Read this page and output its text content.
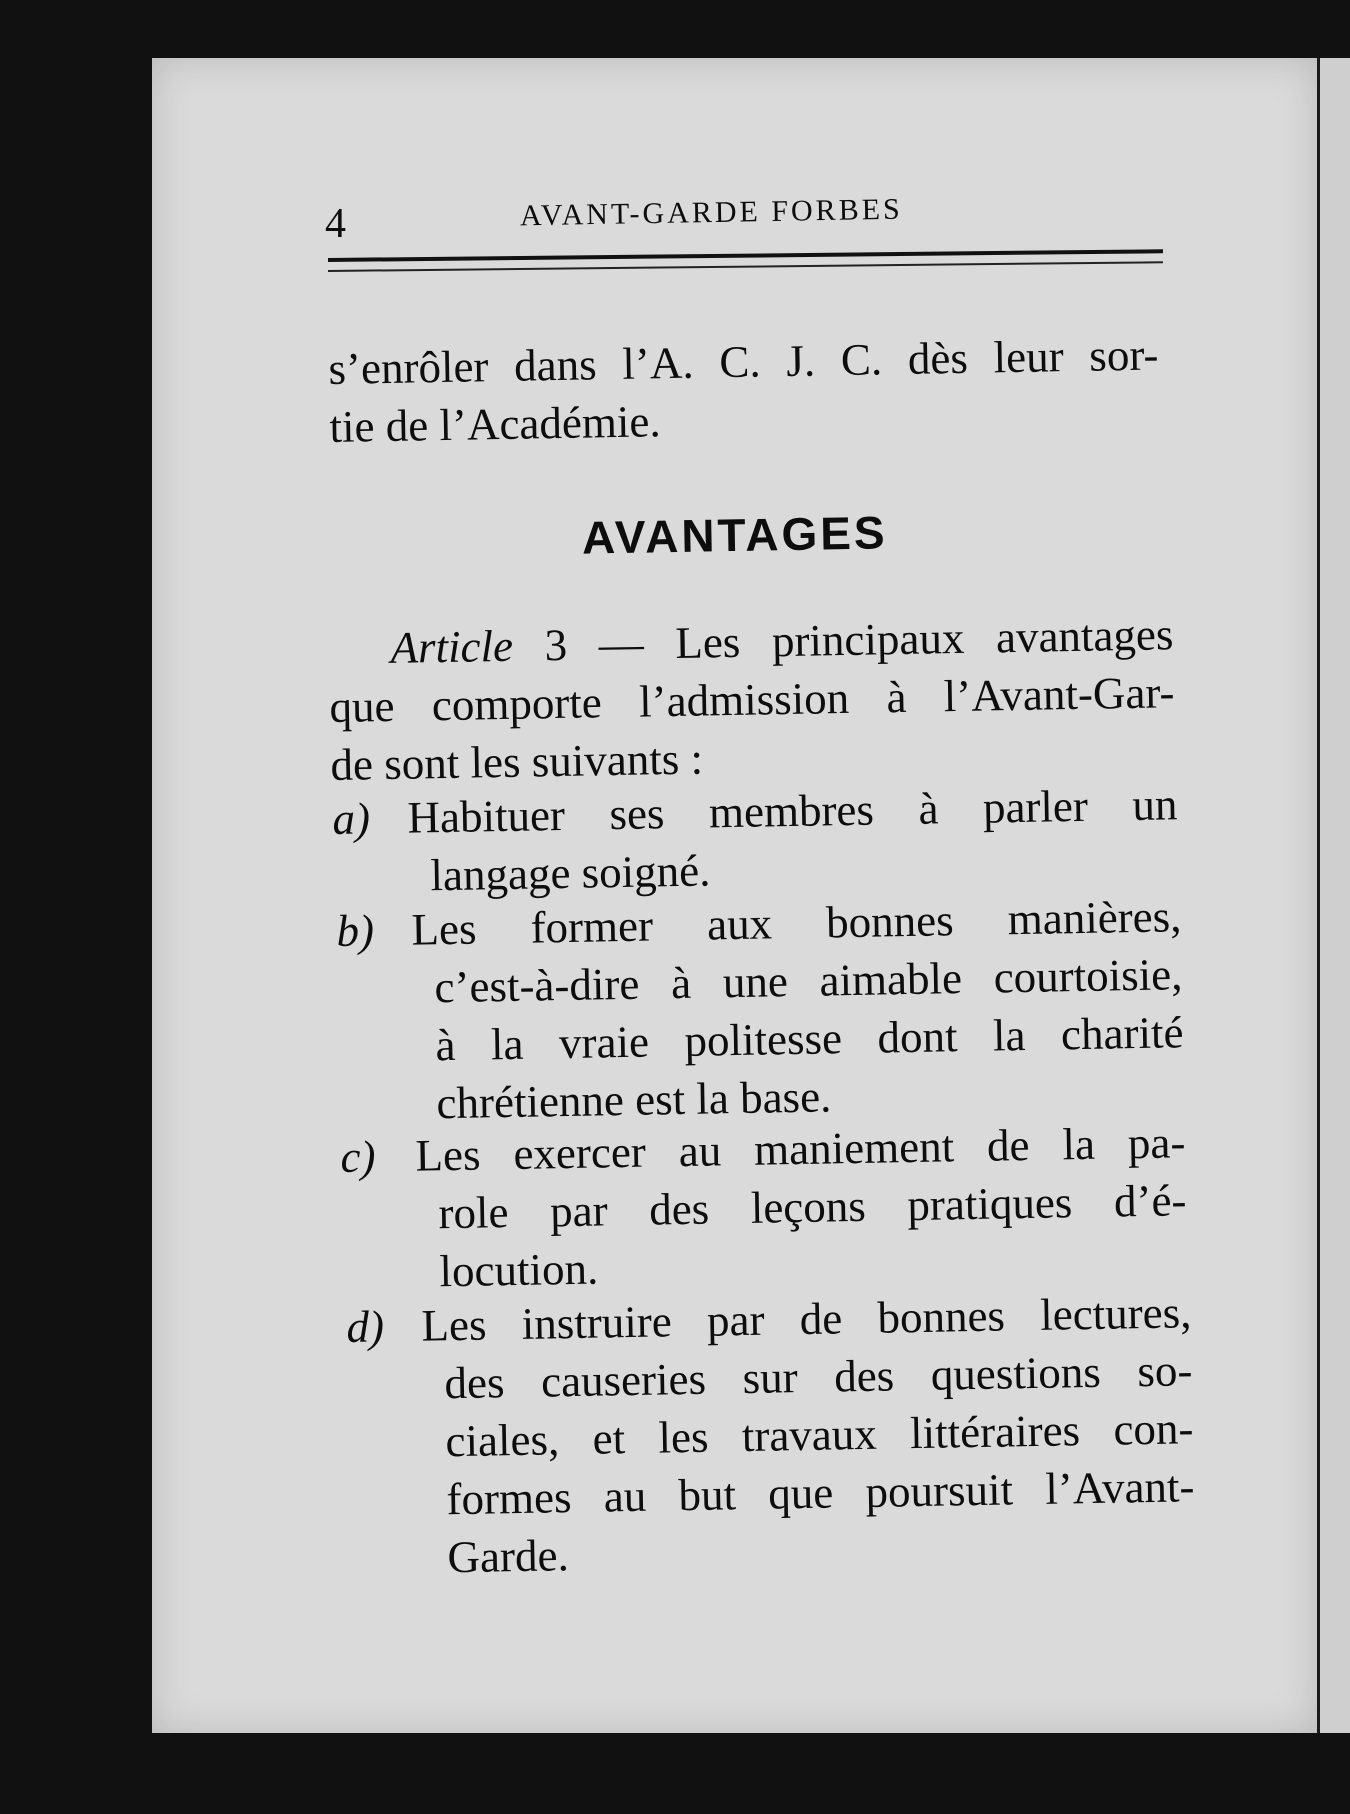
4	AVANT-GARDE FORBES
s’enrôler dans l’A. C. J. C. dès leur sor-
tie de l’Académie.
AVANTAGES
Article 3 — Les principaux avantages
que comporte l’admission à l’Avant-Gar-
de sont les suivants :
a) Habituer ses membres à parler un
langage soigné.
b) Les former aux bonnes manières,
c’est-à-dire à une aimable courtoisie,
à la vraie politesse dont la charité
chrétienne est la base.
c) Les exercer au maniement de la pa-
role par des leçons pratiques d’é-
locution.
d) Les instruire par de bonnes lectures,
des causeries sur des questions so-
ciales, et les travaux littéraires con-
formes au but que poursuit l’Avant-
Garde.
